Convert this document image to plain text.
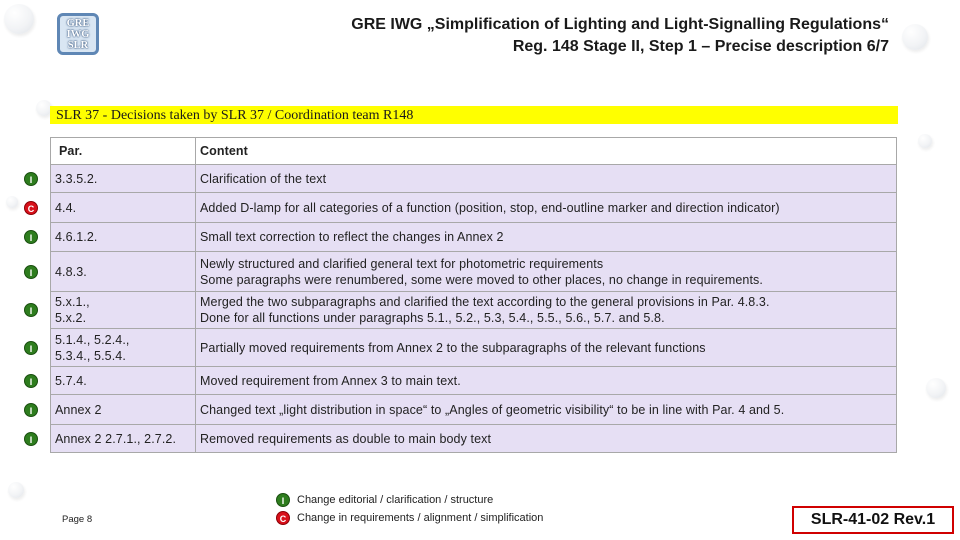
GRE
IWG
SLR
GRE IWG „Simplification of Lighting and Light-Signalling Regulations“
Reg. 148 Stage II, Step 1 – Precise description 6/7
SLR 37 - Decisions taken by SLR 37 / Coordination team R148
Par.	Content
3.3.5.2.	Clarification of the text
4.4.	Added D-lamp for all categories of a function (position, stop, end-outline marker and direction indicator)
4.6.1.2.	Small text correction to reflect the changes in Annex 2
4.8.3.	Newly structured and clarified general text for photometric requirements
Some paragraphs were renumbered, some were moved to other places, no change in requirements.
5.x.1.,
5.x.2.	Merged the two subparagraphs and clarified the text according to the general provisions in Par. 4.8.3.
Done for all functions under paragraphs 5.1., 5.2., 5.3, 5.4., 5.5., 5.6., 5.7. and 5.8.
5.1.4., 5.2.4.,
5.3.4., 5.5.4.	Partially moved requirements from Annex 2 to the subparagraphs of the relevant functions
5.7.4.	Moved requirement from Annex 3 to main text.
Annex 2	Changed text „light distribution in space“ to „Angles of geometric visibility“ to be in line with Par. 4 and 5.
Annex 2 2.7.1., 2.7.2.	Removed requirements as double to main body text
I
C
I
I
I
I
I
I
I
I	Change editorial / clarification / structure
C Change in requirements / alignment / simplification
Page 8	SLR-41-02 Rev.1
